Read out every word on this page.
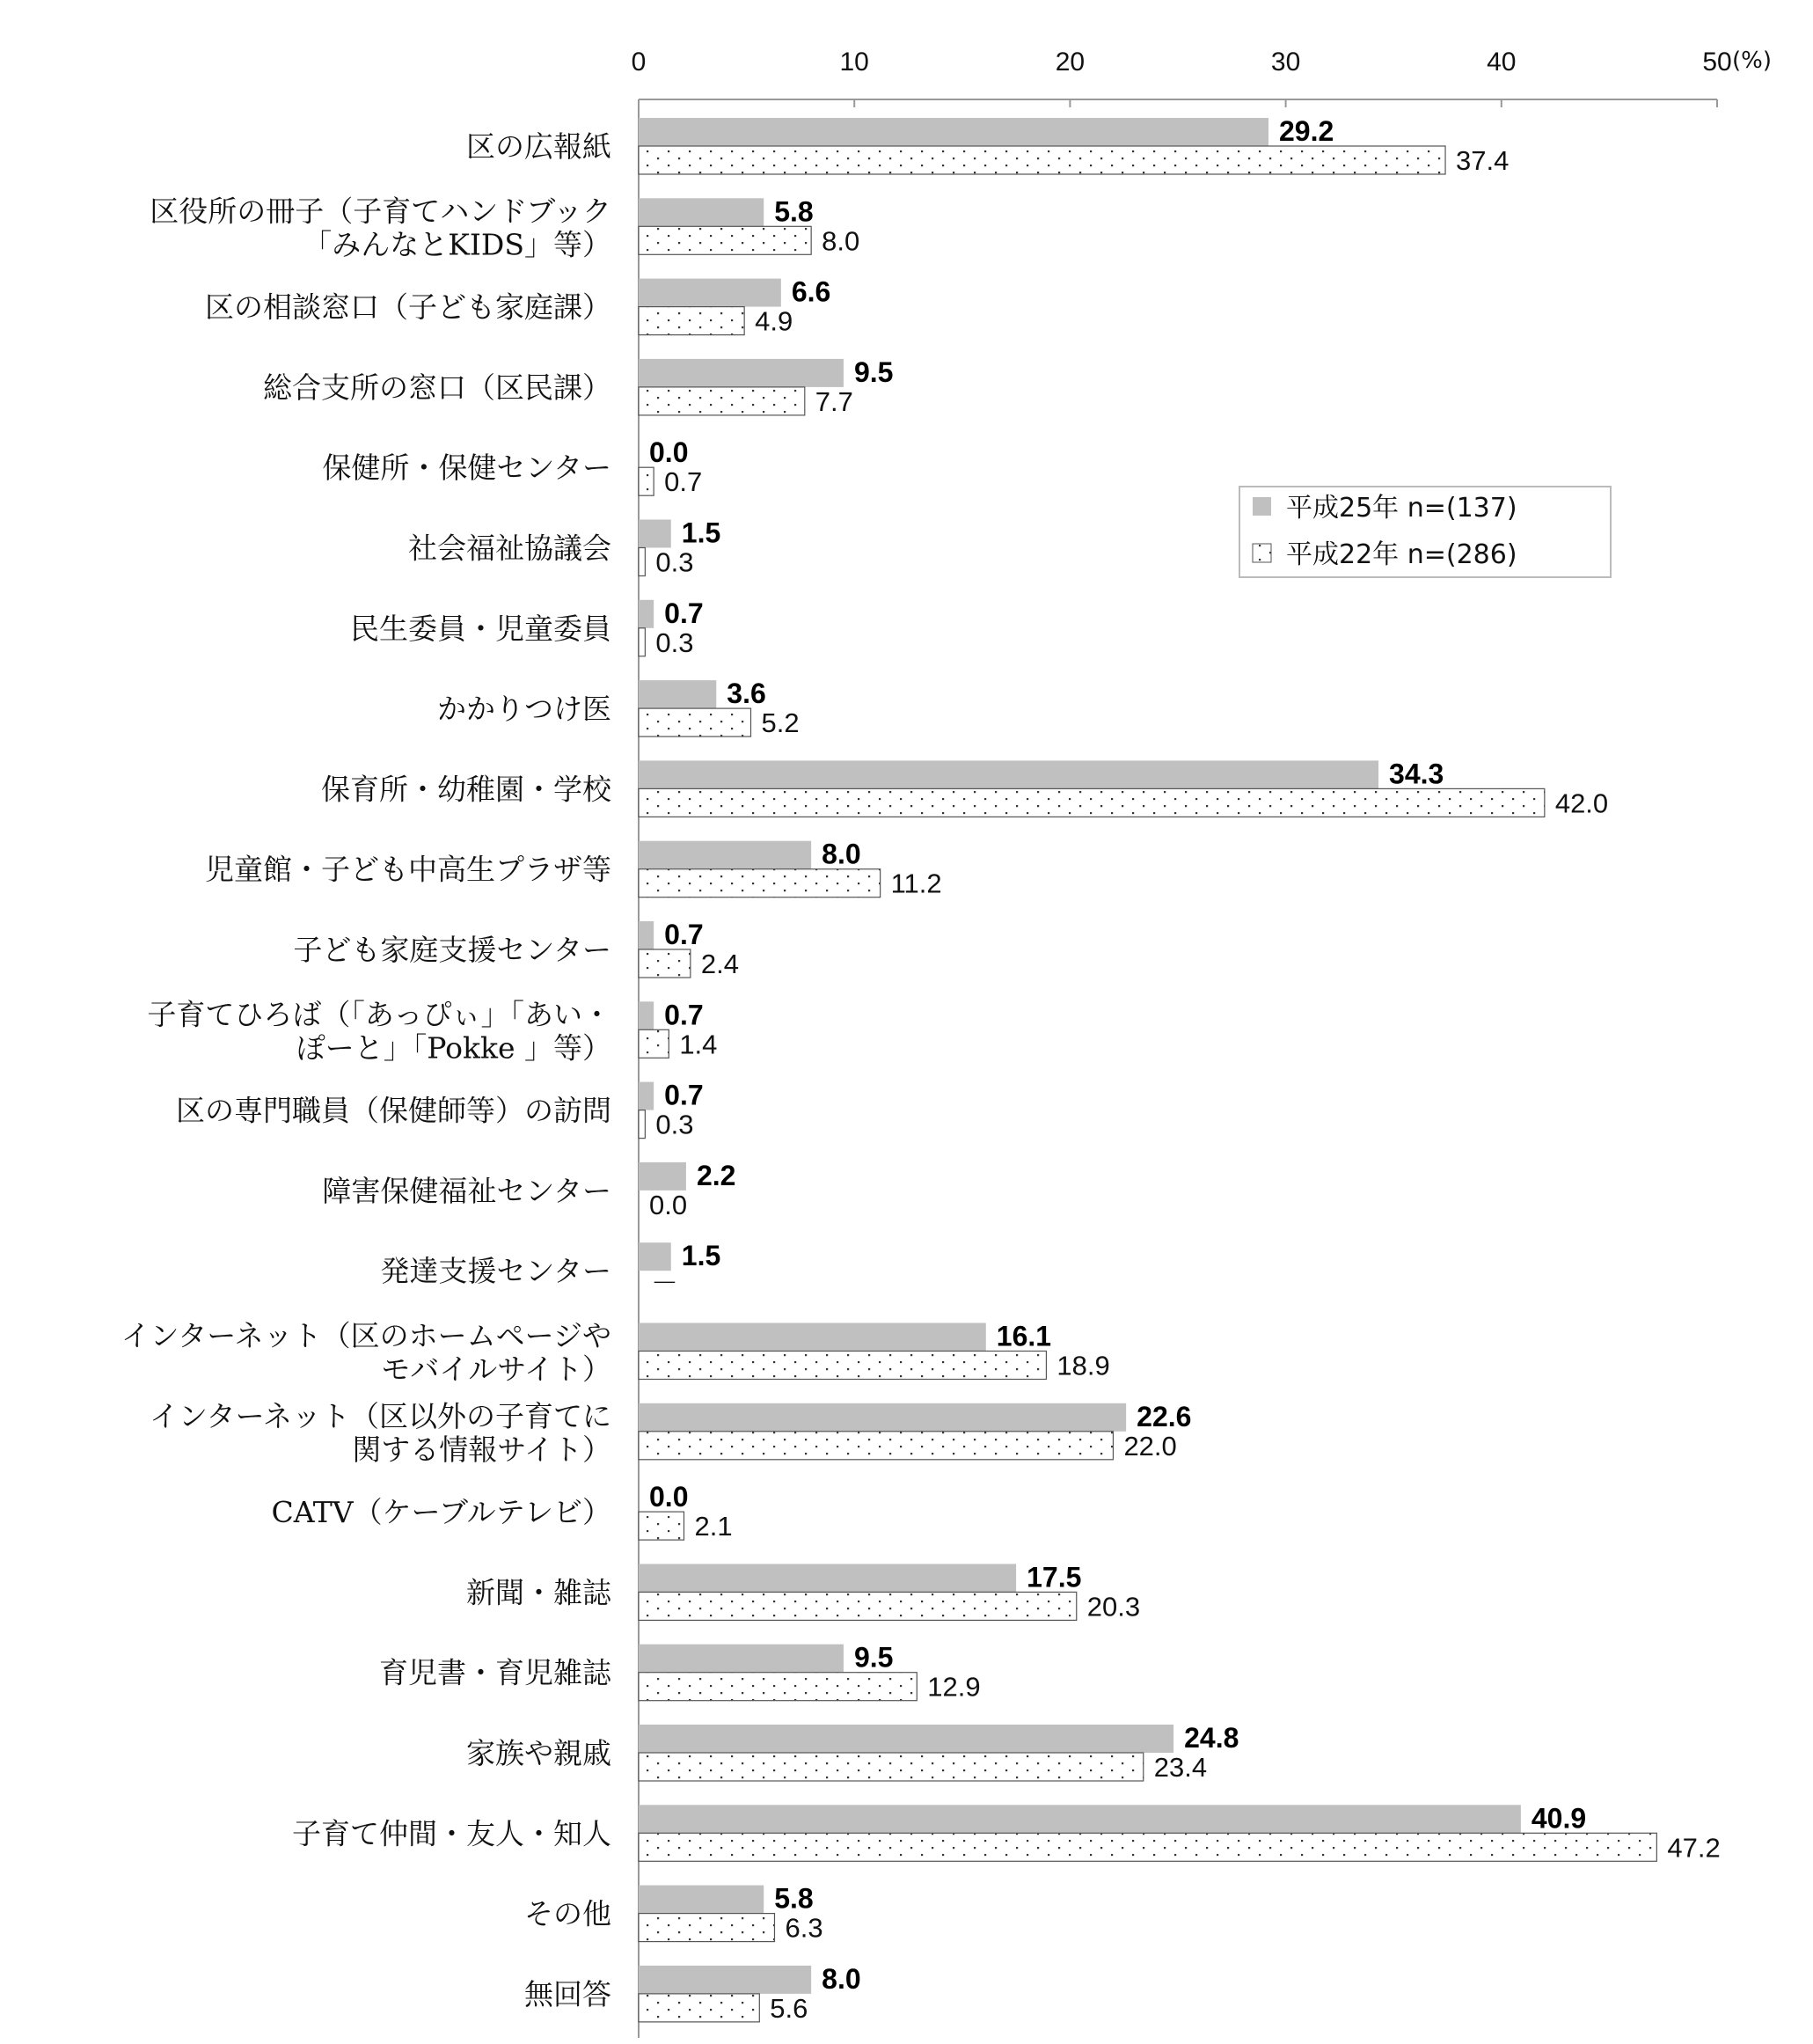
0	10	20	30	40	50 (%)
区の広報紙	29.2
37.4
区役所の冊子（子育てハンドブック「みんなとKIDS」等）
5.8
8.0
区の相談窓口（子ども家庭課）	6.6
4.9
総合支所の窓口（区民課）	9.5
7.7
保健所・保健センター 0.0
0.7
社会福祉協議会 1.5
0.3
民生委員・児童委員 0.7
0.3
かかりつけ医	3.6
5.2
保育所・幼稚園・学校	34.3
42.0
児童館・子ども中高生プラザ等	8.0
11.2
子ども家庭支援センター 0.7
2.4
子育てひろば（「あっぴぃ」「あい・ぽーと」「Pokke 」等）
0.7
1.4
区の専門職員（保健師等）の訪問 0.7
0.3
障害保健福祉センター	2.2
0.0
発達支援センター 1.5
－
インターネット（区のホームページやモバイルサイト）
16.1
18.9
インターネット（区以外の子育てに関する情報サイト）
22.6
22.0
CATV（ケーブルテレビ） 0.0
2.1
新聞・雑誌	17.5
20.3
育児書・育児雑誌	9.5
12.9
家族や親戚	24.8
23.4
子育て仲間・友人・知人	40.9
47.2
その他	5.8
6.3
無回答	8.0
5.6
平成25年 n=(137)
平成22年 n=(286)
